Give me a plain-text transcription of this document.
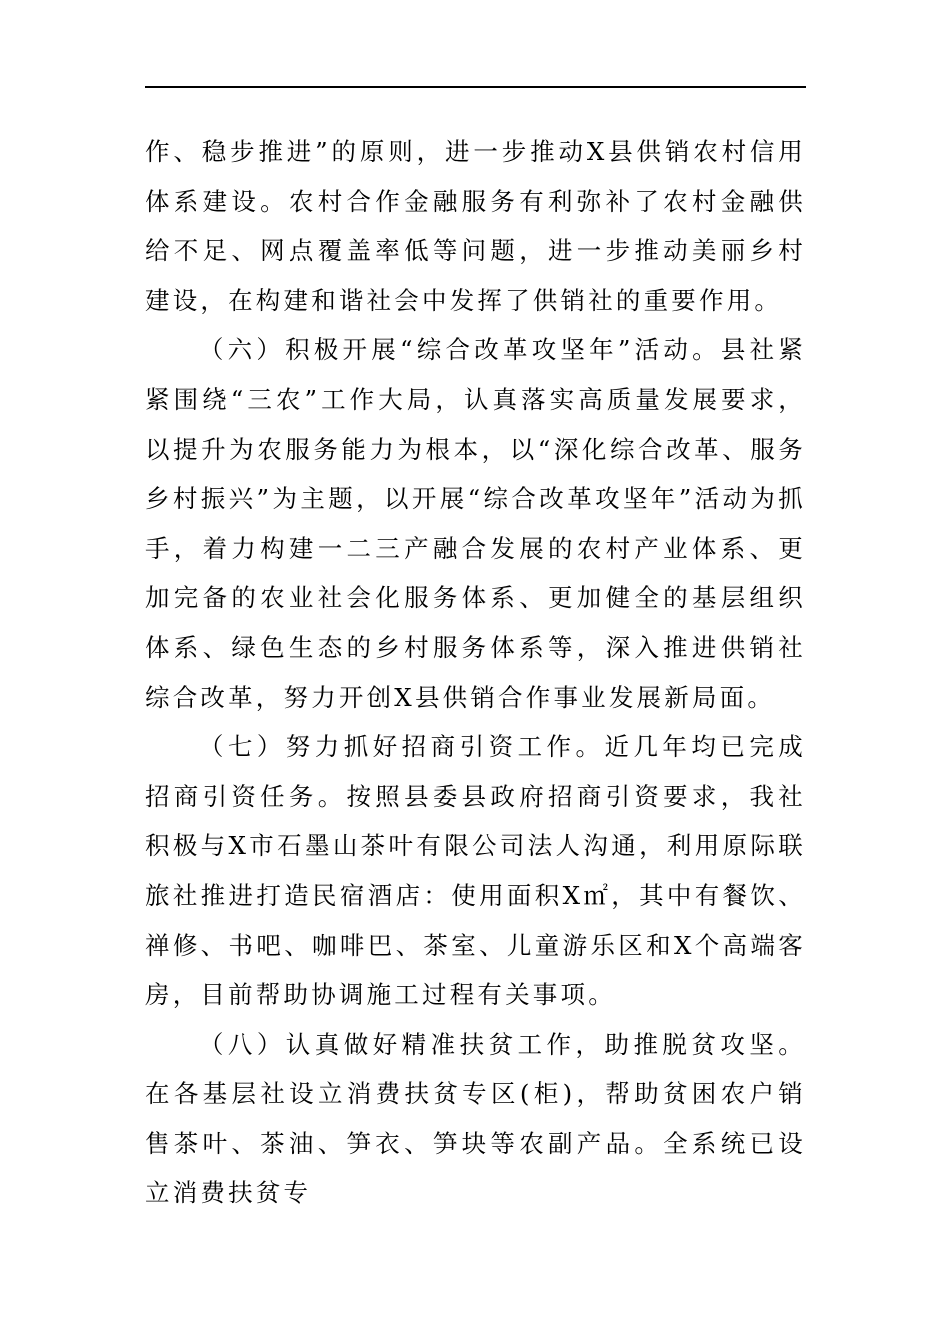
作、稳步推进”的原则，进一步推动X县供销农村信用体系建设。农村合作金融服务有利弥补了农村金融供给不足、网点覆盖率低等问题，进一步推动美丽乡村建设，在构建和谐社会中发挥了供销社的重要作用。

（六）积极开展“综合改革攻坚年”活动。县社紧紧围绕“三农”工作大局，认真落实高质量发展要求，以提升为农服务能力为根本，以“深化综合改革、服务乡村振兴”为主题，以开展“综合改革攻坚年”活动为抓手，着力构建一二三产融合发展的农村产业体系、更加完备的农业社会化服务体系、更加健全的基层组织体系、绿色生态的乡村服务体系等，深入推进供销社综合改革，努力开创X县供销合作事业发展新局面。

（七）努力抓好招商引资工作。近几年均已完成招商引资任务。按照县委县政府招商引资要求，我社积极与X市石墨山茶叶有限公司法人沟通，利用原际联旅社推进打造民宿酒店：使用面积X㎡，其中有餐饮、禅修、书吧、咖啡巴、茶室、儿童游乐区和X个高端客房，目前帮助协调施工过程有关事项。

（八）认真做好精准扶贫工作，助推脱贫攻坚。在各基层社设立消费扶贫专区(柜)，帮助贫困农户销售茶叶、茶油、笋衣、笋块等农副产品。全系统已设立消费扶贫专
